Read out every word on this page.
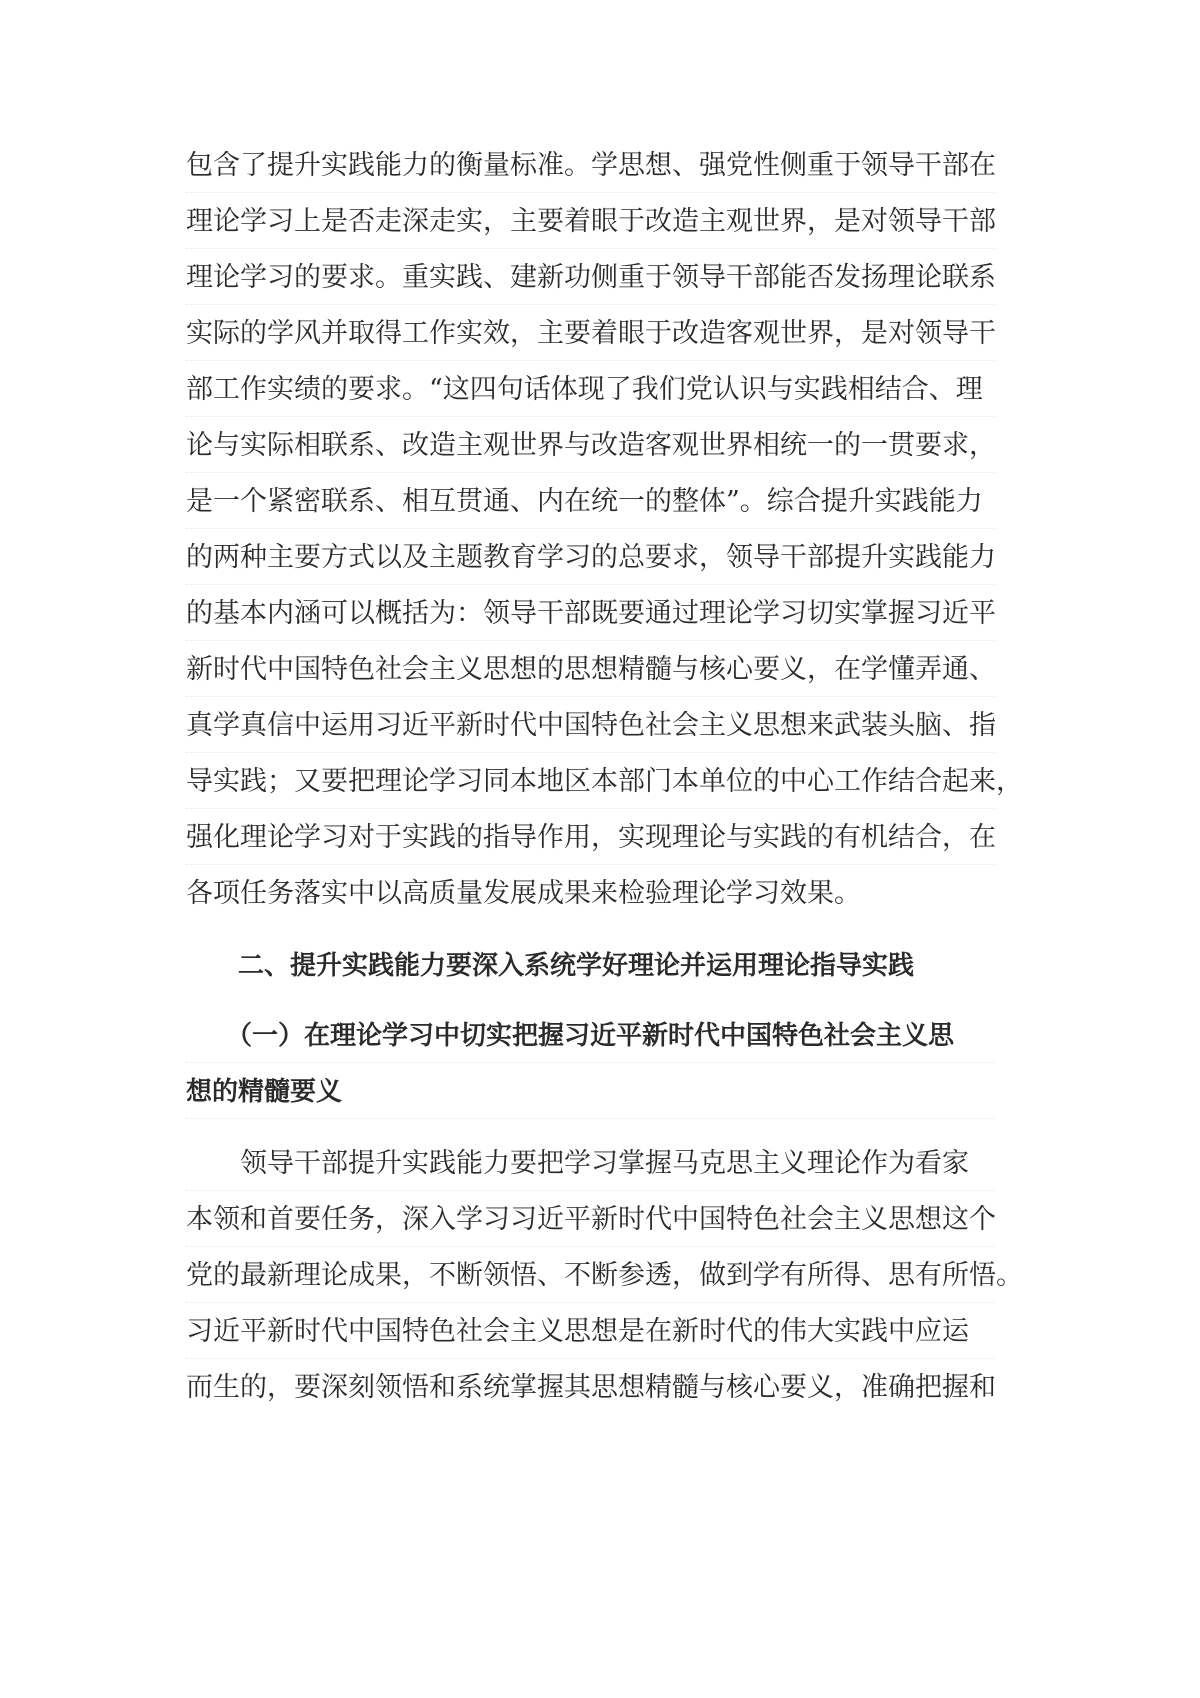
包含了提升实践能力的衡量标准。学思想、强党性侧重于领导干部在
理论学习上是否走深走实，主要着眼于改造主观世界，是对领导干部
理论学习的要求。重实践、建新功侧重于领导干部能否发扬理论联系
实际的学风并取得工作实效，主要着眼于改造客观世界，是对领导干
部工作实绩的要求。“这四句话体现了我们党认识与实践相结合、理
论与实际相联系、改造主观世界与改造客观世界相统一的一贯要求，
是一个紧密联系、相互贯通、内在统一的整体”。综合提升实践能力
的两种主要方式以及主题教育学习的总要求，领导干部提升实践能力
的基本内涵可以概括为：领导干部既要通过理论学习切实掌握习近平
新时代中国特色社会主义思想的思想精髓与核心要义，在学懂弄通、
真学真信中运用习近平新时代中国特色社会主义思想来武装头脑、指
导实践；又要把理论学习同本地区本部门本单位的中心工作结合起来，
强化理论学习对于实践的指导作用，实现理论与实践的有机结合，在
各项任务落实中以高质量发展成果来检验理论学习效果。
二、提升实践能力要深入系统学好理论并运用理论指导实践
（一）在理论学习中切实把握习近平新时代中国特色社会主义思
想的精髓要义
领导干部提升实践能力要把学习掌握马克思主义理论作为看家
本领和首要任务，深入学习习近平新时代中国特色社会主义思想这个
党的最新理论成果，不断领悟、不断参透，做到学有所得、思有所悟。
习近平新时代中国特色社会主义思想是在新时代的伟大实践中应运
而生的，要深刻领悟和系统掌握其思想精髓与核心要义，准确把握和
